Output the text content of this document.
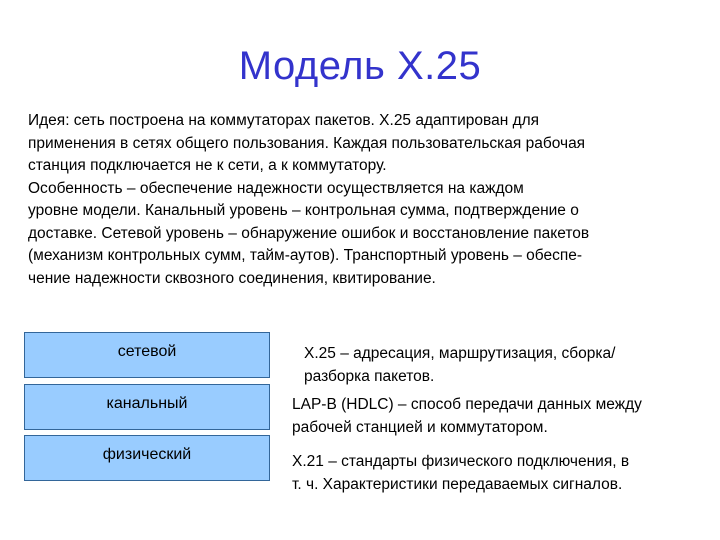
Модель X.25

Идея: сеть построена на коммутаторах пакетов. X.25 адаптирован для

применения в сетях общего пользования. Каждая пользовательская рабочая

станция подключается не к сети, а к коммутатору.

Особенность – обеспечение надежности осуществляется на каждом

уровне модели. Канальный уровень – контрольная сумма, подтверждение о

доставке. Сетевой уровень – обнаружение ошибок и восстановление пакетов

(механизм контрольных сумм, тайм-аутов). Транспортный уровень – обеспе-

чение надежности сквозного соединения, квитирование.

сетевой	X.25 – адресация, маршрутизация, сборка/

разборка пакетов.

канальный	LAP-B (HDLC) – способ передачи данных между

рабочей станцией и коммутатором.

физический	X.21 – стандарты физического подключения, в

т. ч. Характеристики передаваемых сигналов.
